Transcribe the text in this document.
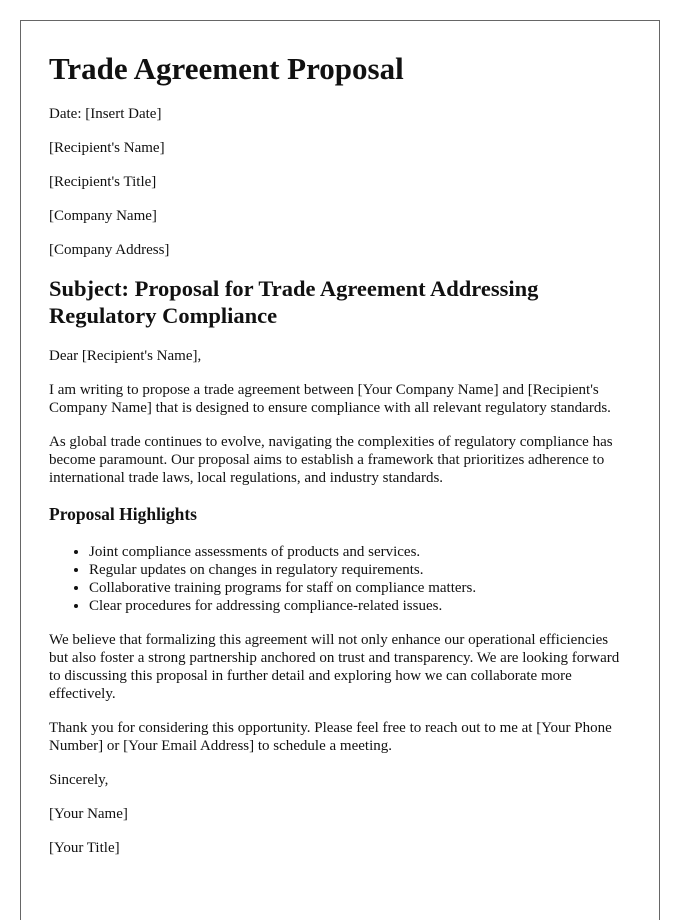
Trade Agreement Proposal

Date: [Insert Date]

[Recipient's Name]

[Recipient's Title]

[Company Name]

[Company Address]

Subject: Proposal for Trade Agreement Addressing Regulatory Compliance

Dear [Recipient's Name],

I am writing to propose a trade agreement between [Your Company Name] and [Recipient's Company Name] that is designed to ensure compliance with all relevant regulatory standards.

As global trade continues to evolve, navigating the complexities of regulatory compliance has become paramount. Our proposal aims to establish a framework that prioritizes adherence to international trade laws, local regulations, and industry standards.

Proposal Highlights
• Joint compliance assessments of products and services.
• Regular updates on changes in regulatory requirements.
• Collaborative training programs for staff on compliance matters.
• Clear procedures for addressing compliance-related issues.

We believe that formalizing this agreement will not only enhance our operational efficiencies but also foster a strong partnership anchored on trust and transparency. We are looking forward to discussing this proposal in further detail and exploring how we can collaborate more effectively.

Thank you for considering this opportunity. Please feel free to reach out to me at [Your Phone Number] or [Your Email Address] to schedule a meeting.

Sincerely,

[Your Name]

[Your Title]
